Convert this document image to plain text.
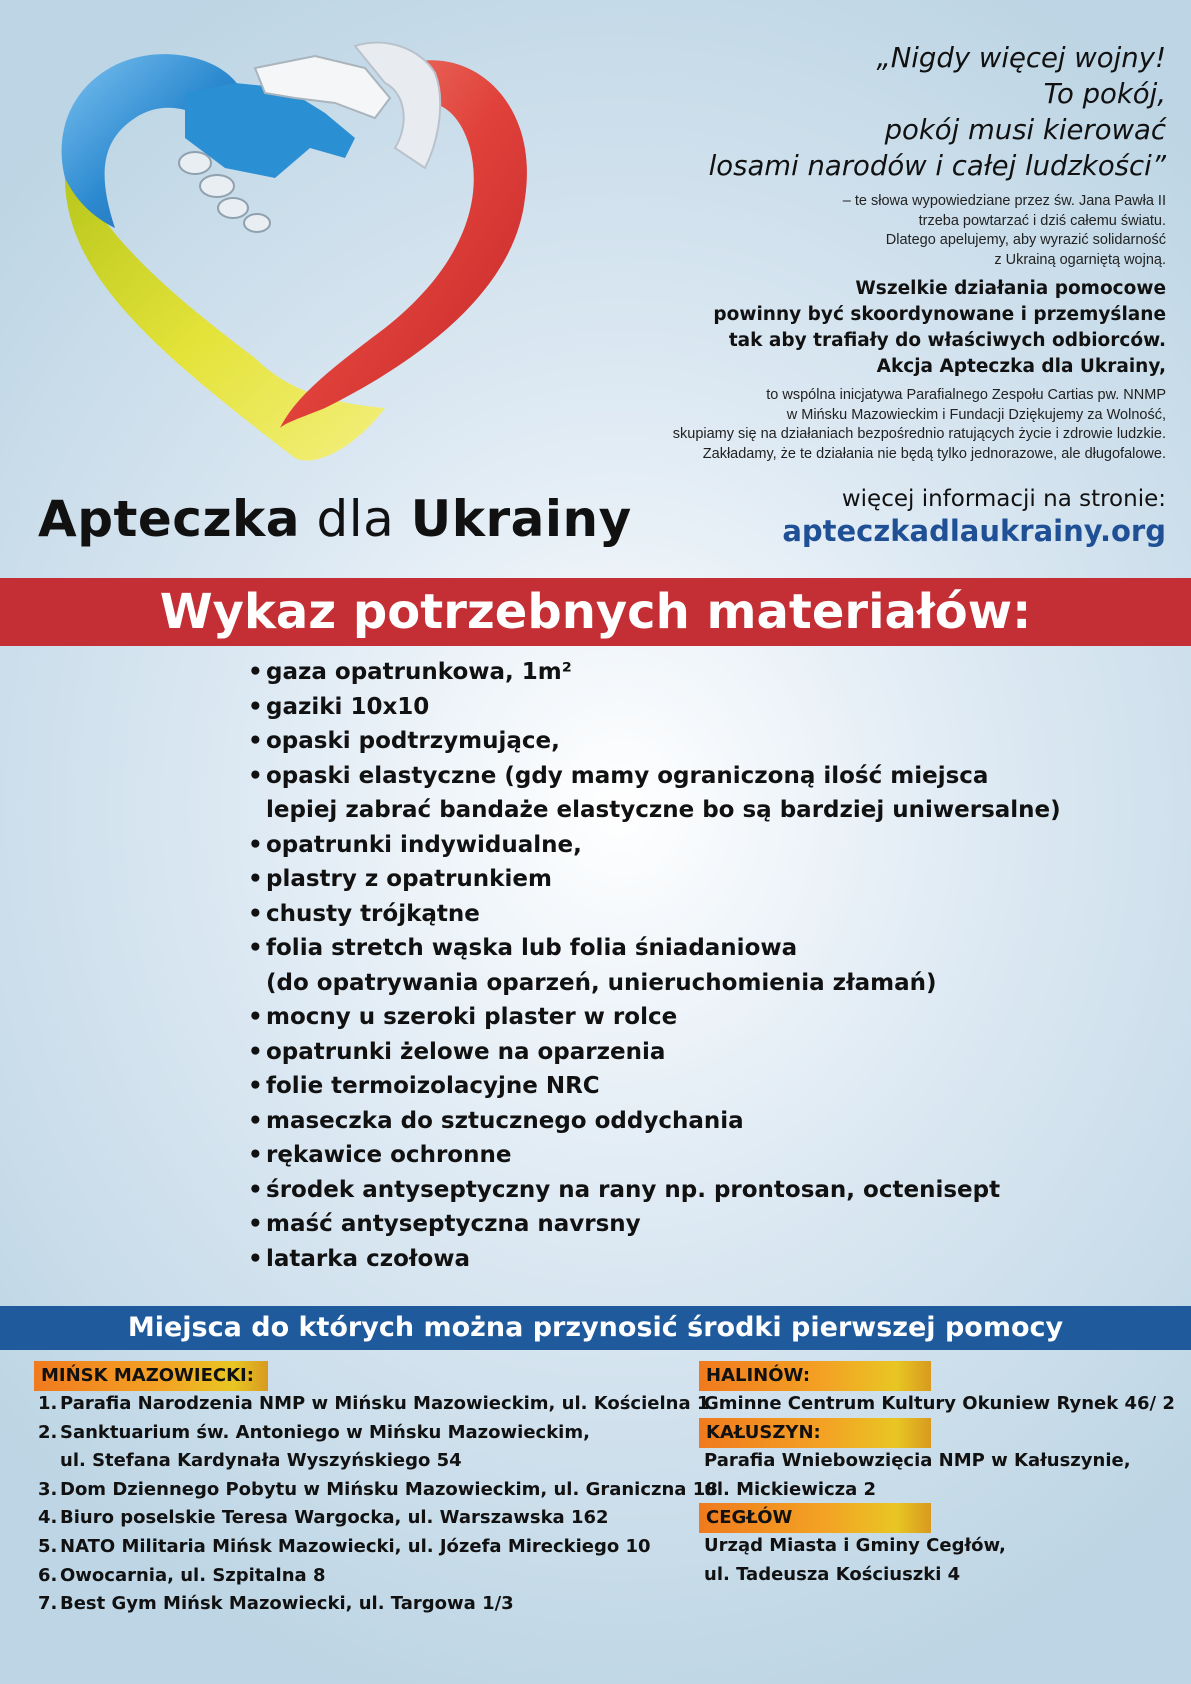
Apteczka dla Ukrainy
„Nigdy więcej wojny!
To pokój,
pokój musi kierować
losami narodów i całej ludzkości”
– te słowa wypowiedziane przez św. Jana Pawła II
trzeba powtarzać i dziś całemu światu.
Dlatego apelujemy, aby wyrazić solidarność
z Ukrainą ogarniętą wojną.
Wszelkie działania pomocowe
powinny być skoordynowane i przemyślane
tak aby trafiały do właściwych odbiorców.
Akcja Apteczka dla Ukrainy,
to wspólna inicjatywa Parafialnego Zespołu Cartias pw. NNMP
w Mińsku Mazowieckim i Fundacji Dziękujemy za Wolność,
skupiamy się na działaniach bezpośrednio ratujących życie i zdrowie ludzkie.
Zakładamy, że te działania nie będą tylko jednorazowe, ale długofalowe.
więcej informacji na stronie:
apteczkadlaukrainy.org
Wykaz potrzebnych materiałów:
• gaza opatrunkowa, 1m²
• gaziki 10x10
• opaski podtrzymujące,
• opaski elastyczne (gdy mamy ograniczoną ilość miejsca
lepiej zabrać bandaże elastyczne bo są bardziej uniwersalne)
• opatrunki indywidualne,
• plastry z opatrunkiem
• chusty trójkątne
• folia stretch wąska lub folia śniadaniowa
(do opatrywania oparzeń, unieruchomienia złamań)
• mocny u szeroki plaster w rolce
• opatrunki żelowe na oparzenia
• folie termoizolacyjne NRC
• maseczka do sztucznego oddychania
• rękawice ochronne
• środek antyseptyczny na rany np. prontosan, octenisept
• maść antyseptyczna navrsny
• latarka czołowa
Miejsca do których można przynosić środki pierwszej pomocy
MIŃSK MAZOWIECKI:
1. Parafia Narodzenia NMP w Mińsku Mazowieckim, ul. Kościelna 1
2. Sanktuarium św. Antoniego w Mińsku Mazowieckim,
ul. Stefana Kardynała Wyszyńskiego 54
3. Dom Dziennego Pobytu w Mińsku Mazowieckim, ul. Graniczna 18
4. Biuro poselskie Teresa Wargocka, ul. Warszawska 162
5. NATO Militaria Mińsk Mazowiecki, ul. Józefa Mireckiego 10
6. Owocarnia, ul. Szpitalna 8
7. Best Gym Mińsk Mazowiecki, ul. Targowa 1/3
HALINÓW:
Gminne Centrum Kultury Okuniew Rynek 46/ 2
KAŁUSZYN:
Parafia Wniebowzięcia NMP w Kałuszynie,
ul. Mickiewicza 2
CEGŁÓW
Urząd Miasta i Gminy Cegłów,
ul. Tadeusza Kościuszki 4
